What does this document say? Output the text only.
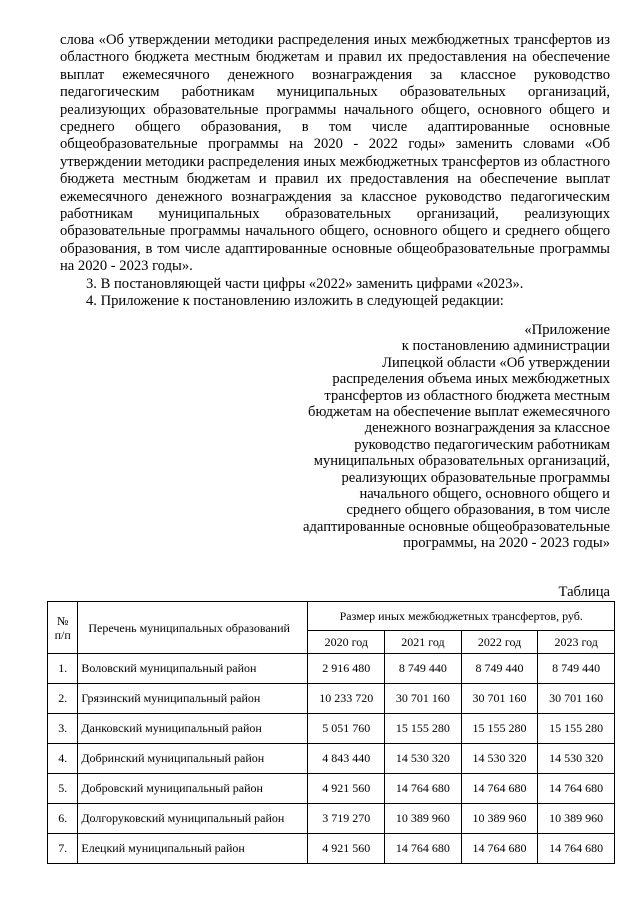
слова «Об утверждении методики распределения иных межбюджетных трансфертов из областного бюджета местным бюджетам и правил их предоставления на обеспечение выплат ежемесячного денежного вознаграждения за классное руководство педагогическим работникам муниципальных образовательных организаций, реализующих образовательные программы начального общего, основного общего и среднего общего образования, в том числе адаптированные основные общеобразовательные программы на 2020 - 2022 годы» заменить словами «Об утверждении методики распределения иных межбюджетных трансфертов из областного бюджета местным бюджетам и правил их предоставления на обеспечение выплат ежемесячного денежного вознаграждения за классное руководство педагогическим работникам муниципальных образовательных организаций, реализующих образовательные программы начального общего, основного общего и среднего общего образования, в том числе адаптированные основные общеобразовательные программы на 2020 - 2023 годы».

3. В постановляющей части цифры «2022» заменить цифрами «2023».

4. Приложение к постановлению изложить в следующей редакции:

«Приложение
к постановлению администрации
Липецкой области «Об утверждении
распределения объема иных межбюджетных
трансфертов из областного бюджета местным
бюджетам на обеспечение выплат ежемесячного
денежного вознаграждения за классное
руководство педагогическим работникам
муниципальных образовательных организаций,
реализующих образовательные программы
начального общего, основного общего и
среднего общего образования, в том числе
адаптированные основные общеобразовательные
программы, на 2020 - 2023 годы»
Таблица
№ п/п	Перечень муниципальных образований	Размер иных межбюджетных трансфертов, руб.			
		2020 год	2021 год	2022 год	2023 год
1.	Воловский муниципальный район	2 916 480	8 749 440	8 749 440	8 749 440
2.	Грязинский муниципальный район	10 233 720	30 701 160	30 701 160	30 701 160
3.	Данковский муниципальный район	5 051 760	15 155 280	15 155 280	15 155 280
4.	Добринский муниципальный район	4 843 440	14 530 320	14 530 320	14 530 320
5.	Добровский муниципальный район	4 921 560	14 764 680	14 764 680	14 764 680
6.	Долгоруковский муниципальный район	3 719 270	10 389 960	10 389 960	10 389 960
7.	Елецкий муниципальный район	4 921 560	14 764 680	14 764 680	14 764 680
